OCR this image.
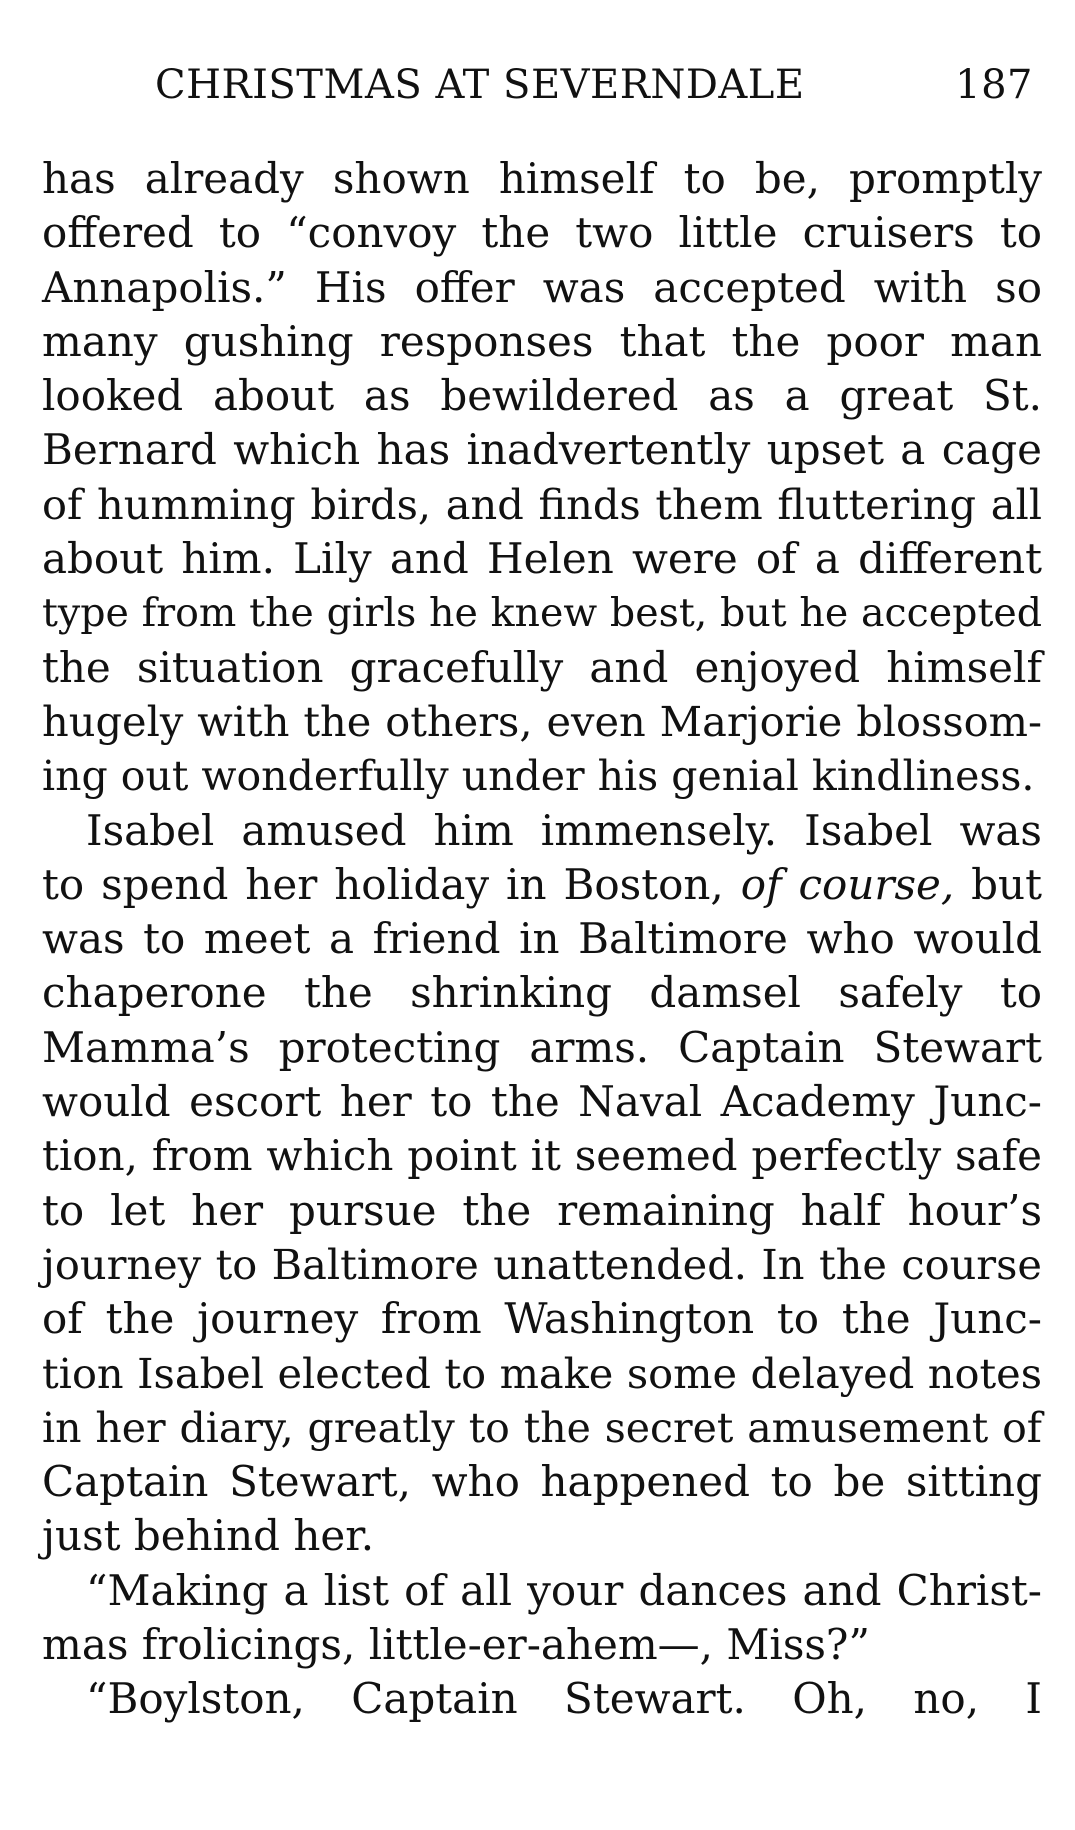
CHRISTMAS AT SEVERNDALE	187
has already shown himself to be, promptly
offered to “convoy the two little cruisers to
Annapolis.” His offer was accepted with so
many gushing responses that the poor man
looked about as bewildered as a great St.
Bernard which has inadvertently upset a cage
of humming birds, and finds them fluttering all
about him. Lily and Helen were of a different
type from the girls he knew best, but he accepted
the situation gracefully and enjoyed himself
hugely with the others, even Marjorie blossom-
ing out wonderfully under his genial kindliness.
Isabel amused him immensely. Isabel was
to spend her holiday in Boston, of course, but
was to meet a friend in Baltimore who would
chaperone the shrinking damsel safely to
Mamma’s protecting arms. Captain Stewart
would escort her to the Naval Academy Junc-
tion, from which point it seemed perfectly safe
to let her pursue the remaining half hour’s
journey to Baltimore unattended. In the course
of the journey from Washington to the Junc-
tion Isabel elected to make some delayed notes
in her diary, greatly to the secret amusement of
Captain Stewart, who happened to be sitting
just behind her.
“Making a list of all your dances and Christ-
mas frolicings, little-er-ahem—, Miss?”
“Boylston, Captain Stewart. Oh, no, I
